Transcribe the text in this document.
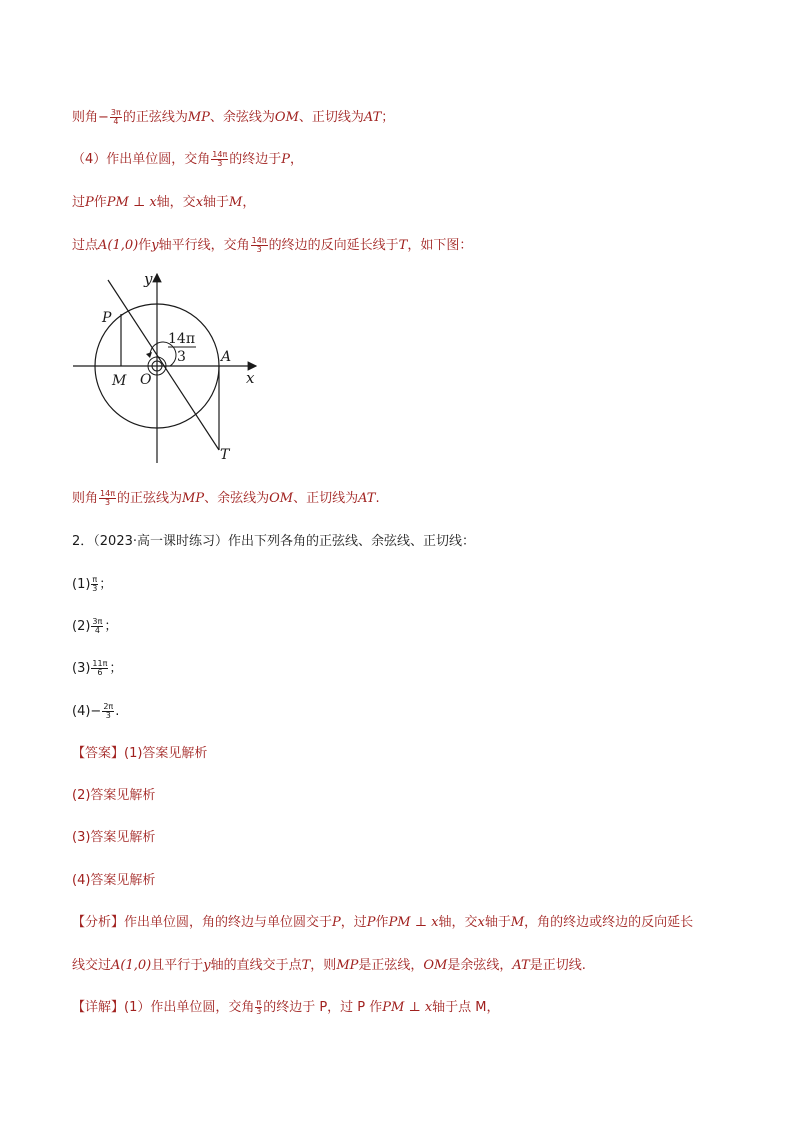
则角− $\frac{3\pi}{4}$ 的正弦线为MP、余弦线为OM、正切线为AT；
（4）作出单位圆，交角 $\frac{14\pi}{3}$ 的终边于P，
过P作PM ⊥ x轴，交x轴于M，
过点A(1,0)作y轴平行线，交角 $\frac{14\pi}{3}$ 的终边的反向延长线于T，如下图：
y
x
P
M O
A
T
14π
3
则角 $\frac{14\pi}{3}$ 的正弦线为MP、余弦线为OM、正切线为AT.
2．（2023·高一课时练习）作出下列各角的正弦线、余弦线、正切线：
$(1) \frac{\pi}{3}$ ；
$(2) \frac{3\pi}{4}$ ；
$(3) \frac{11\pi}{6}$ ；
$(4)- \frac{2\pi}{3}$ .
【答案】(1)答案见解析
(2)答案见解析
(3)答案见解析
(4)答案见解析
【分析】作出单位圆，角的终边与单位圆交于P，过P作PM ⊥ x轴，交x轴于M，角的终边或终边的反向延长
线交过A(1,0)且平行于y轴的直线交于点T，则MP是正弦线，OM是余弦线，AT是正切线.
【详解】(1）作出单位圆，交角 $\frac{\pi}{3}$ 的终边于 P，过 P 作PM ⊥ x轴于点 M，
